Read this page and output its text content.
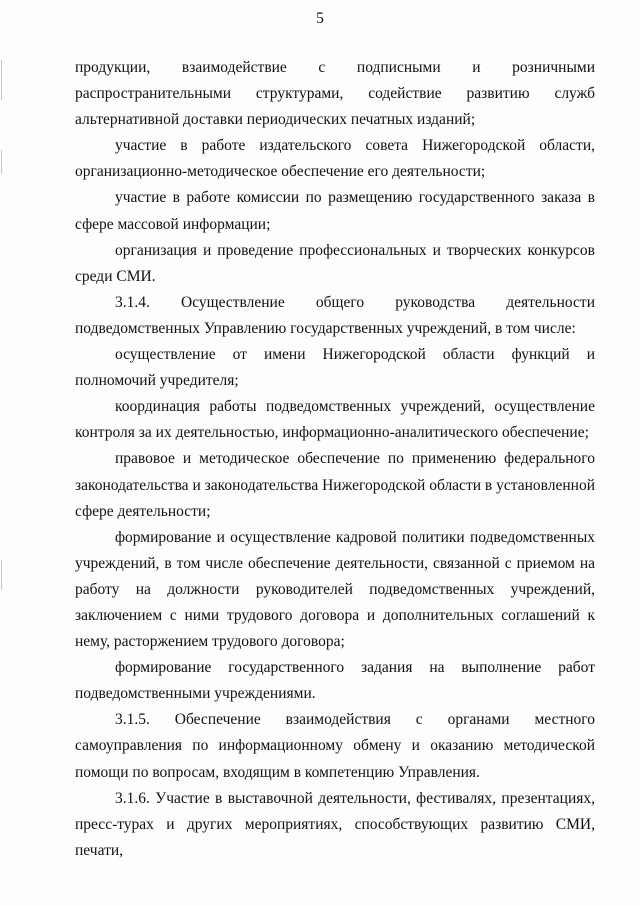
5

продукции, взаимодействие с подписными и розничными распространительными структурами, содействие развитию служб альтернативной доставки периодических печатных изданий;

участие в работе издательского совета Нижегородской области, организационно-методическое обеспечение его деятельности;

участие в работе комиссии по размещению государственного заказа в сфере массовой информации;

организация и проведение профессиональных и творческих конкурсов среди СМИ.

3.1.4. Осуществление общего руководства деятельности подведомственных Управлению государственных учреждений, в том числе:

осуществление от имени Нижегородской области функций и полномочий учредителя;

координация работы подведомственных учреждений, осуществление контроля за их деятельностью, информационно-аналитического обеспечение;

правовое и методическое обеспечение по применению федерального законодательства и законодательства Нижегородской области в установленной сфере деятельности;

формирование и осуществление кадровой политики подведомственных учреждений, в том числе обеспечение деятельности, связанной с приемом на работу на должности руководителей подведомственных учреждений, заключением с ними трудового договора и дополнительных соглашений к нему, расторжением трудового договора;

формирование государственного задания на выполнение работ подведомственными учреждениями.

3.1.5. Обеспечение взаимодействия с органами местного самоуправления по информационному обмену и оказанию методической помощи по вопросам, входящим в компетенцию Управления.

3.1.6. Участие в выставочной деятельности, фестивалях, презентациях, пресс-турах и других мероприятиях, способствующих развитию СМИ, печати,
